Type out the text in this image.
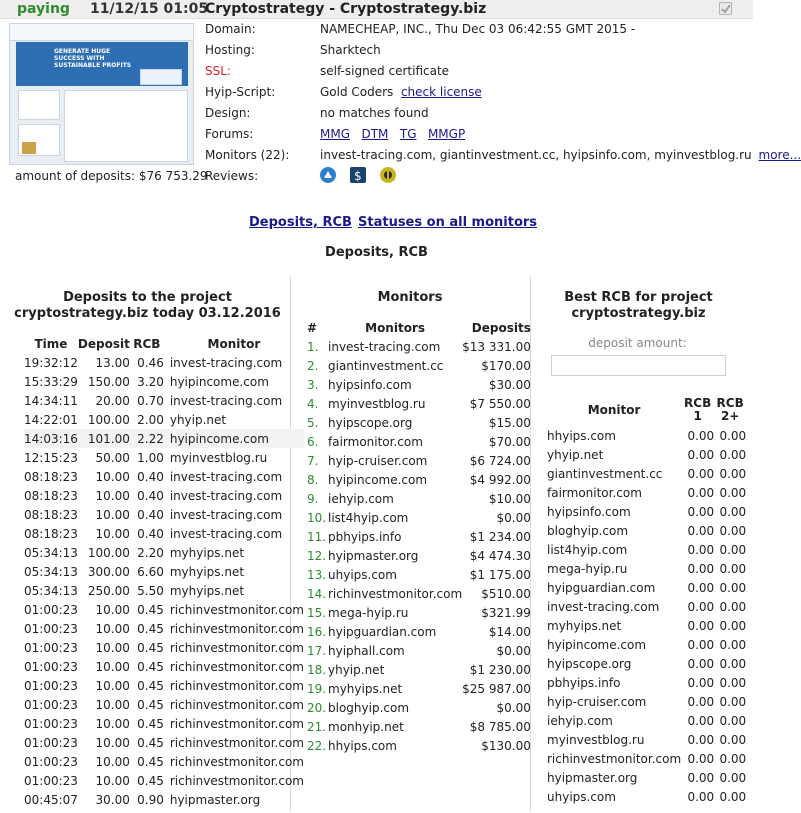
paying 11/12/15 01:05
Cryptostrategy - Cryptostrategy.biz
GENERATE HUGE SUCCESS WITH SUSTAINABLE PROFITS
amount of deposits: $76 753.29
Domain:	NAMECHEAP, INC., Thu Dec 03 06:42:55 GMT 2015 -
Hosting:	Sharktech
SSL:	self-signed certificate
Hyip-Script:	Gold Coders check license
Design:	no matches found
Forums:	MMG DTM TG MMGP
Monitors (22):	invest-tracing.com, giantinvestment.cc, hyipsinfo.com, myinvestblog.ru more...
Reviews:
	$

Deposits, RCB Statuses on all monitors
Deposits, RCB
Deposits to the project
cryptostrategy.biz today 03.12.2016
Time	Deposit	RCB	Monitor
19:32:12	13.00	0.46	invest-tracing.com
15:33:29	150.00	3.20	hyipincome.com
14:34:11	20.00	0.70	invest-tracing.com
14:22:01	100.00	2.00	yhyip.net
14:03:16	101.00	2.22	hyipincome.com
12:15:23	50.00	1.00	myinvestblog.ru
08:18:23	10.00	0.40	invest-tracing.com
08:18:23	10.00	0.40	invest-tracing.com
08:18:23	10.00	0.40	invest-tracing.com
08:18:23	10.00	0.40	invest-tracing.com
05:34:13	100.00	2.20	myhyips.net
05:34:13	300.00	6.60	myhyips.net
05:34:13	250.00	5.50	myhyips.net
01:00:23	10.00	0.45	richinvestmonitor.com
01:00:23	10.00	0.45	richinvestmonitor.com
01:00:23	10.00	0.45	richinvestmonitor.com
01:00:23	10.00	0.45	richinvestmonitor.com
01:00:23	10.00	0.45	richinvestmonitor.com
01:00:23	10.00	0.45	richinvestmonitor.com
01:00:23	10.00	0.45	richinvestmonitor.com
01:00:23	10.00	0.45	richinvestmonitor.com
01:00:23	10.00	0.45	richinvestmonitor.com
01:00:23	10.00	0.45	richinvestmonitor.com
00:45:07	30.00	0.90	hyipmaster.org
Monitors
#	Monitors	Deposits
1.	invest-tracing.com	$13 331.00
2.	giantinvestment.cc	$170.00
3.	hyipsinfo.com	$30.00
4.	myinvestblog.ru	$7 550.00
5.	hyipscope.org	$15.00
6.	fairmonitor.com	$70.00
7.	hyip-cruiser.com	$6 724.00
8.	hyipincome.com	$4 992.00
9.	iehyip.com	$10.00
10.	list4hyip.com	$0.00
11.	pbhyips.info	$1 234.00
12.	hyipmaster.org	$4 474.30
13.	uhyips.com	$1 175.00
14.	richinvestmonitor.com	$510.00
15.	mega-hyip.ru	$321.99
16.	hyipguardian.com	$14.00
17.	hyiphall.com	$0.00
18.	yhyip.net	$1 230.00
19.	myhyips.net	$25 987.00
20.	bloghyip.com	$0.00
21.	monhyip.net	$8 785.00
22.	hhyips.com	$130.00
Best RCB for project
cryptostrategy.biz
deposit amount:
Monitor	RCB 1	RCB 2+
hhyips.com	0.00	0.00
yhyip.net	0.00	0.00
giantinvestment.cc	0.00	0.00
fairmonitor.com	0.00	0.00
hyipsinfo.com	0.00	0.00
bloghyip.com	0.00	0.00
list4hyip.com	0.00	0.00
mega-hyip.ru	0.00	0.00
hyipguardian.com	0.00	0.00
invest-tracing.com	0.00	0.00
myhyips.net	0.00	0.00
hyipincome.com	0.00	0.00
hyipscope.org	0.00	0.00
pbhyips.info	0.00	0.00
hyip-cruiser.com	0.00	0.00
iehyip.com	0.00	0.00
myinvestblog.ru	0.00	0.00
richinvestmonitor.com	0.00	0.00
hyipmaster.org	0.00	0.00
uhyips.com	0.00	0.00
